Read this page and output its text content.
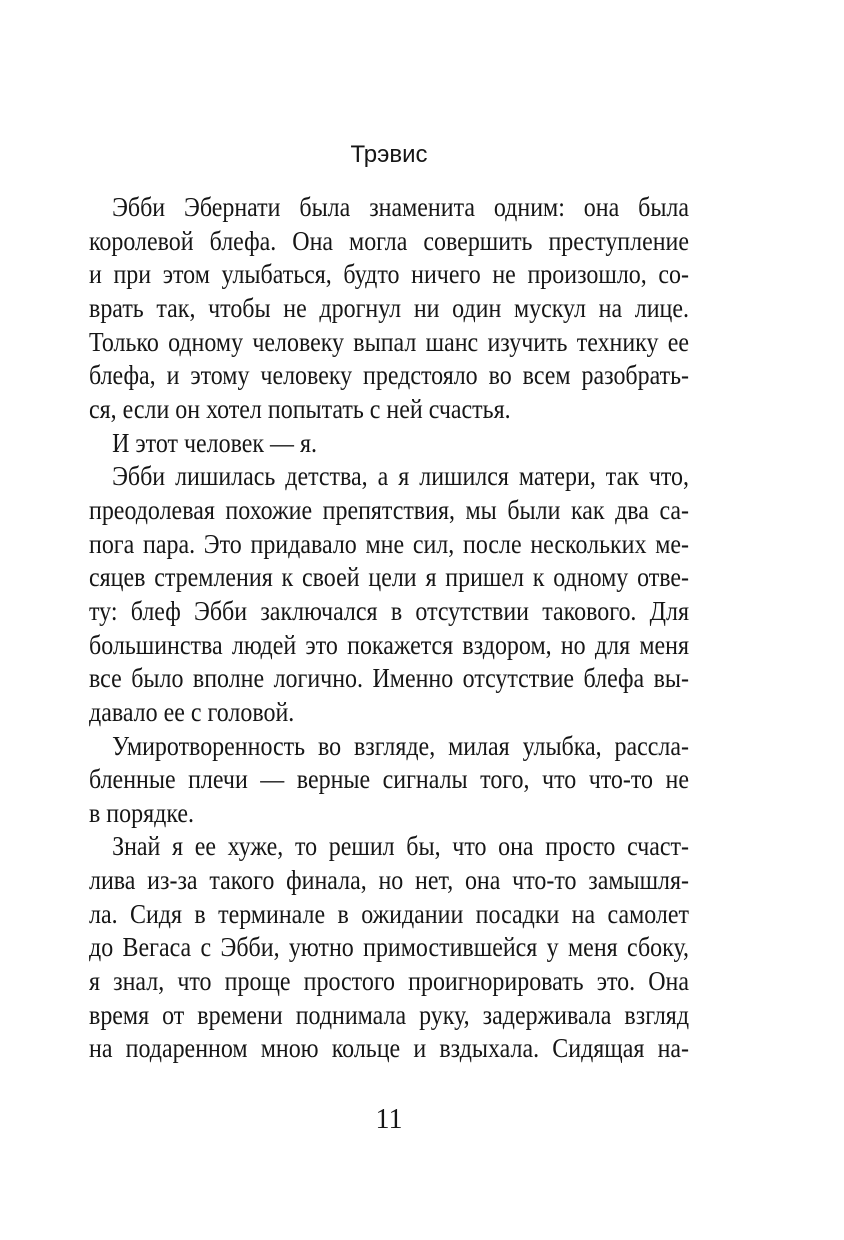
Трэвис
Эбби Эбернати была знаменита одним: она была
королевой блефа. Она могла совершить преступление
и при этом улыбаться, будто ничего не произошло, со-
врать так, чтобы не дрогнул ни один мускул на лице.
Только одному человеку выпал шанс изучить технику ее
блефа, и этому человеку предстояло во всем разобрать-
ся, если он хотел попытать с ней счастья.
И этот человек — я.
Эбби лишилась детства, а я лишился матери, так что,
преодолевая похожие препятствия, мы были как два са-
пога пара. Это придавало мне сил, после нескольких ме-
сяцев стремления к своей цели я пришел к одному отве-
ту: блеф Эбби заключался в отсутствии такового. Для
большинства людей это покажется вздором, но для меня
все было вполне логично. Именно отсутствие блефа вы-
давало ее с головой.
Умиротворенность во взгляде, милая улыбка, рассла-
бленные плечи — верные сигналы того, что что-то не
в порядке.
Знай я ее хуже, то решил бы, что она просто счаст-
лива из-за такого финала, но нет, она что-то замышля-
ла. Сидя в терминале в ожидании посадки на самолет
до Вегаса с Эбби, уютно примостившейся у меня сбоку,
я знал, что проще простого проигнорировать это. Она
время от времени поднимала руку, задерживала взгляд
на подаренном мною кольце и вздыхала. Сидящая на-
11
